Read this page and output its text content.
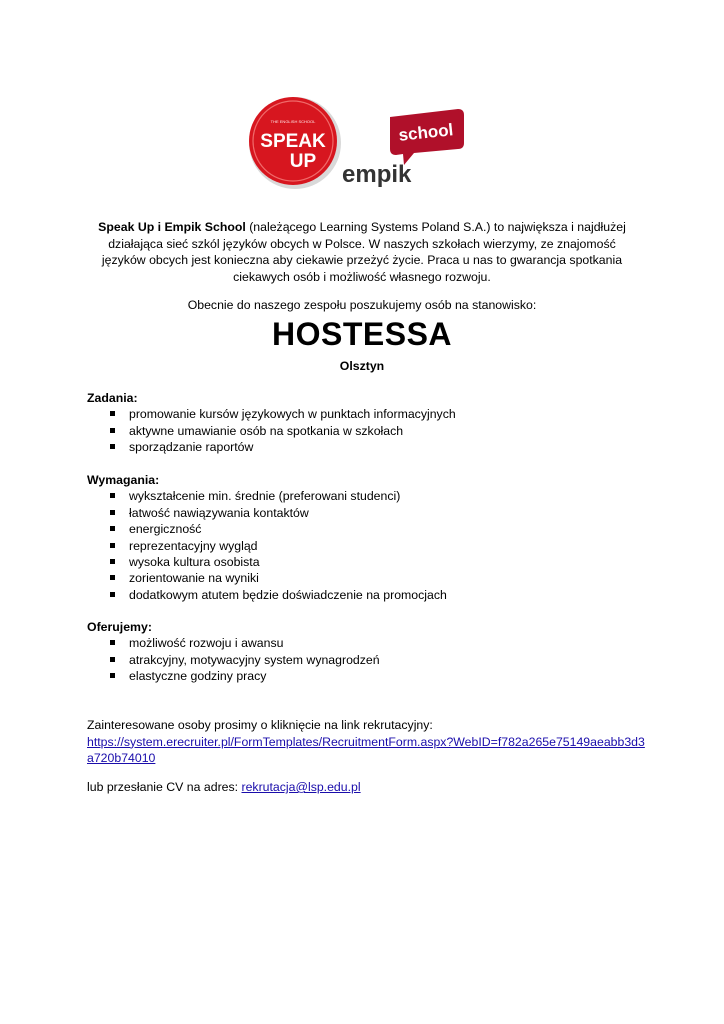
THE ENGLISH SCHOOL
SPEAK
UP
school
empik
Speak Up i Empik School (należącego Learning Systems Poland S.A.) to największa i najdłużej działająca sieć szkól języków obcych w Polsce. W naszych szkołach wierzymy, ze znajomość języków obcych jest konieczna aby ciekawie przeżyć życie. Praca u nas to gwarancja spotkania ciekawych osób i możliwość własnego rozwoju.
Obecnie do naszego zespołu poszukujemy osób na stanowisko:
HOSTESSA
Olsztyn
Zadania:
promowanie kursów językowych w punktach informacyjnych
aktywne umawianie osób na spotkania w szkołach
sporządzanie raportów
Wymagania:
wykształcenie min. średnie (preferowani studenci)
łatwość nawiązywania kontaktów
energiczność
reprezentacyjny wygląd
wysoka kultura osobista
zorientowanie na wyniki
dodatkowym atutem będzie doświadczenie na promocjach
Oferujemy:
możliwość rozwoju i awansu
atrakcyjny, motywacyjny system wynagrodzeń
elastyczne godziny pracy
Zainteresowane osoby prosimy o kliknięcie na link rekrutacyjny:
https://system.erecruiter.pl/FormTemplates/RecruitmentForm.aspx?WebID=f782a265e75149aeabb3d3a720b74010
lub przesłanie CV na adres: rekrutacja@lsp.edu.pl
